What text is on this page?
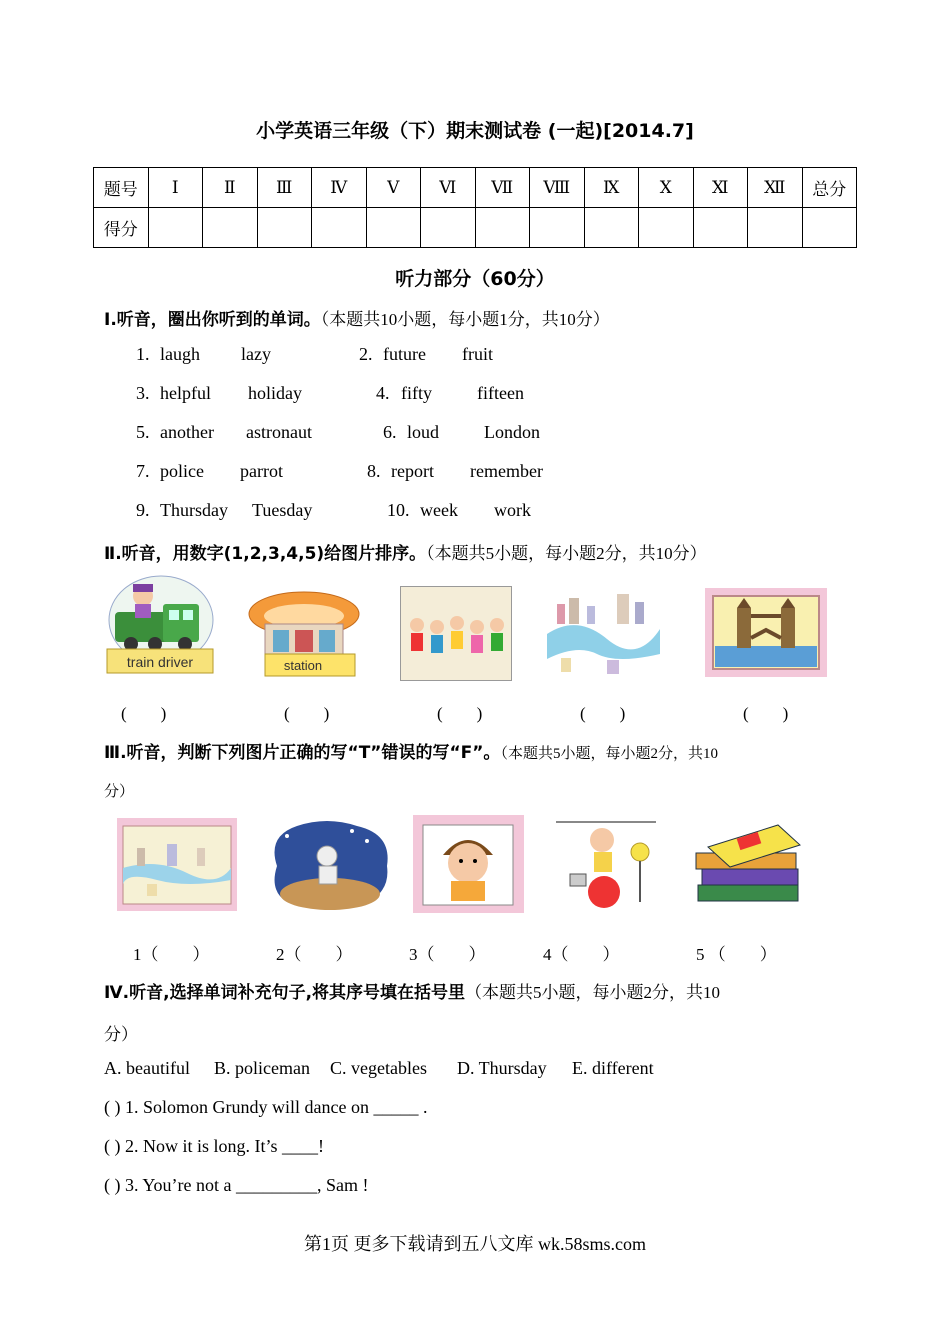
小学英语三年级（下）期末测试卷 (一起)[2014.7]
题号	Ⅰ	Ⅱ	Ⅲ	Ⅳ	Ⅴ	Ⅵ	Ⅶ	Ⅷ	Ⅸ	Ⅹ	Ⅺ	Ⅻ	总分
得分													
听力部分（60分）
Ⅰ.听音，圈出你听到的单词。（本题共10小题，每小题1分，共10分）
1. laugh lazy	2. future fruit
3. helpful holiday	4. fifty	fifteen
5. another astronaut	6. loud London
7. police parrot	8. report remember
9. Thursday Tuesday	10. week work
Ⅱ.听音，用数字(1,2,3,4,5)给图片排序。（本题共5小题，每小题2分，共10分）
train driver	station
(　　)	(　　)	(　　)	(　　)	(　　)
Ⅲ.听音，判断下列图片正确的写“T”错误的写“F”。（本题共5小题，每小题2分，共10
分）
1（　　）	2（　　）	3（　　）	4（　　）	5 （　　）
Ⅳ.听音,选择单词补充句子,将其序号填在括号里（本题共5小题，每小题2分，共10
分）
A. beautiful B. policeman C. vegetables D. Thursday E. different
( ) 1. Solomon Grundy will dance on _____ .
( ) 2. Now it is long. It’s ____!
( ) 3. You’re not a _________, Sam !
第1页 更多下载请到五八文库 wk.58sms.com
